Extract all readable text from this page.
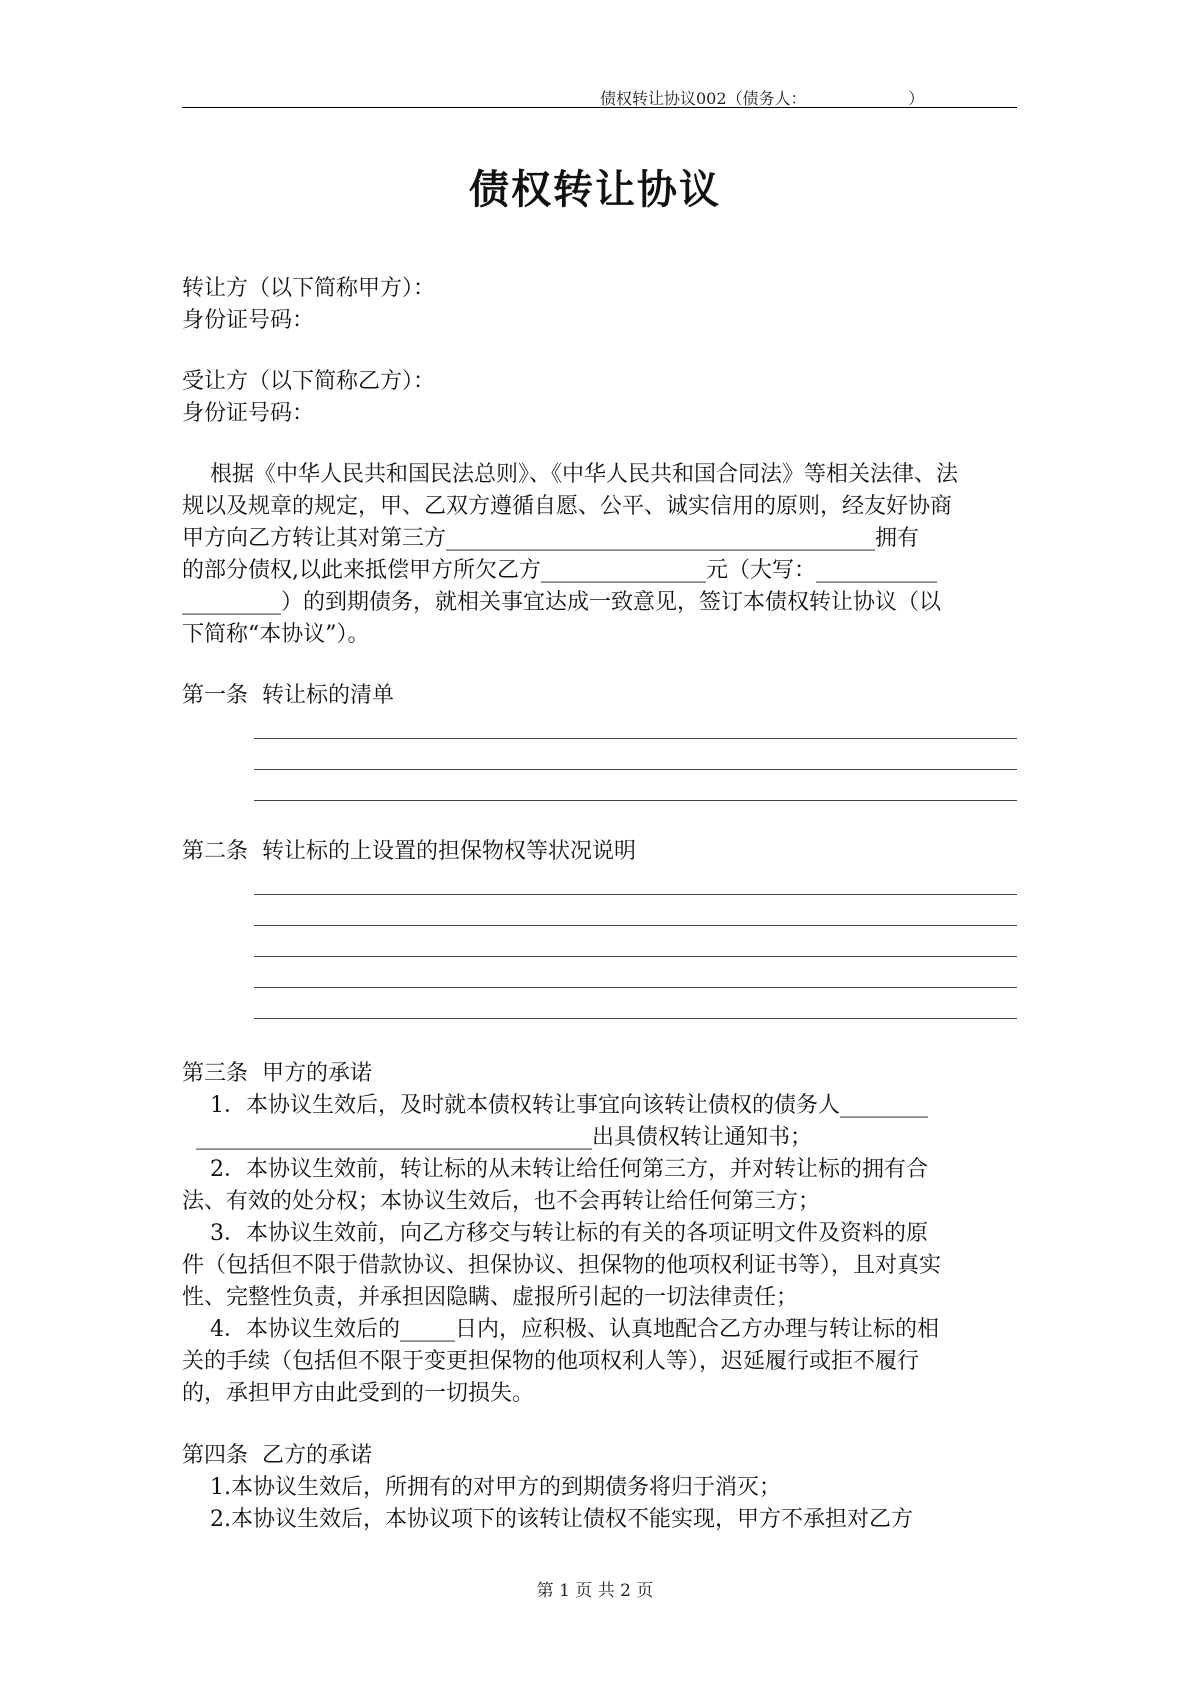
债权转让协议002（债务人：                    ）
债权转让协议
转让方（以下简称甲方）：
身份证号码：
受让方（以下简称乙方）：
身份证号码：

根据《中华人民共和国民法总则》、《中华人民共和国合同法》等相关法律、法

规以及规章的规定，甲、乙双方遵循自愿、公平、诚实信用的原则，经友好协商

甲方向乙方转让其对第三方_______________________________________拥有

的部分债权,以此来抵偿甲方所欠乙方_______________元（大写：___________

_________）的到期债务，就相关事宜达成一致意见，签订本债权转让协议（以

下简称“本协议”）。

第一条  转让标的清单
第二条  转让标的上设置的担保物权等状况说明
第三条  甲方的承诺

1．本协议生效后，及时就本债权转让事宜向该转让债权的债务人________

____________________________________出具债权转让通知书；

2．本协议生效前，转让标的从未转让给任何第三方，并对转让标的拥有合

法、有效的处分权；本协议生效后，也不会再转让给任何第三方；

3．本协议生效前，向乙方移交与转让标的有关的各项证明文件及资料的原

件（包括但不限于借款协议、担保协议、担保物的他项权利证书等），且对真实

性、完整性负责，并承担因隐瞒、虚报所引起的一切法律责任；

4．本协议生效后的_____日内，应积极、认真地配合乙方办理与转让标的相

关的手续（包括但不限于变更担保物的他项权利人等），迟延履行或拒不履行

的，承担甲方由此受到的一切损失。

第四条  乙方的承诺

1.本协议生效后，所拥有的对甲方的到期债务将归于消灭；

2.本协议生效后，本协议项下的该转让债权不能实现，甲方不承担对乙方

第 1 页 共 2 页
